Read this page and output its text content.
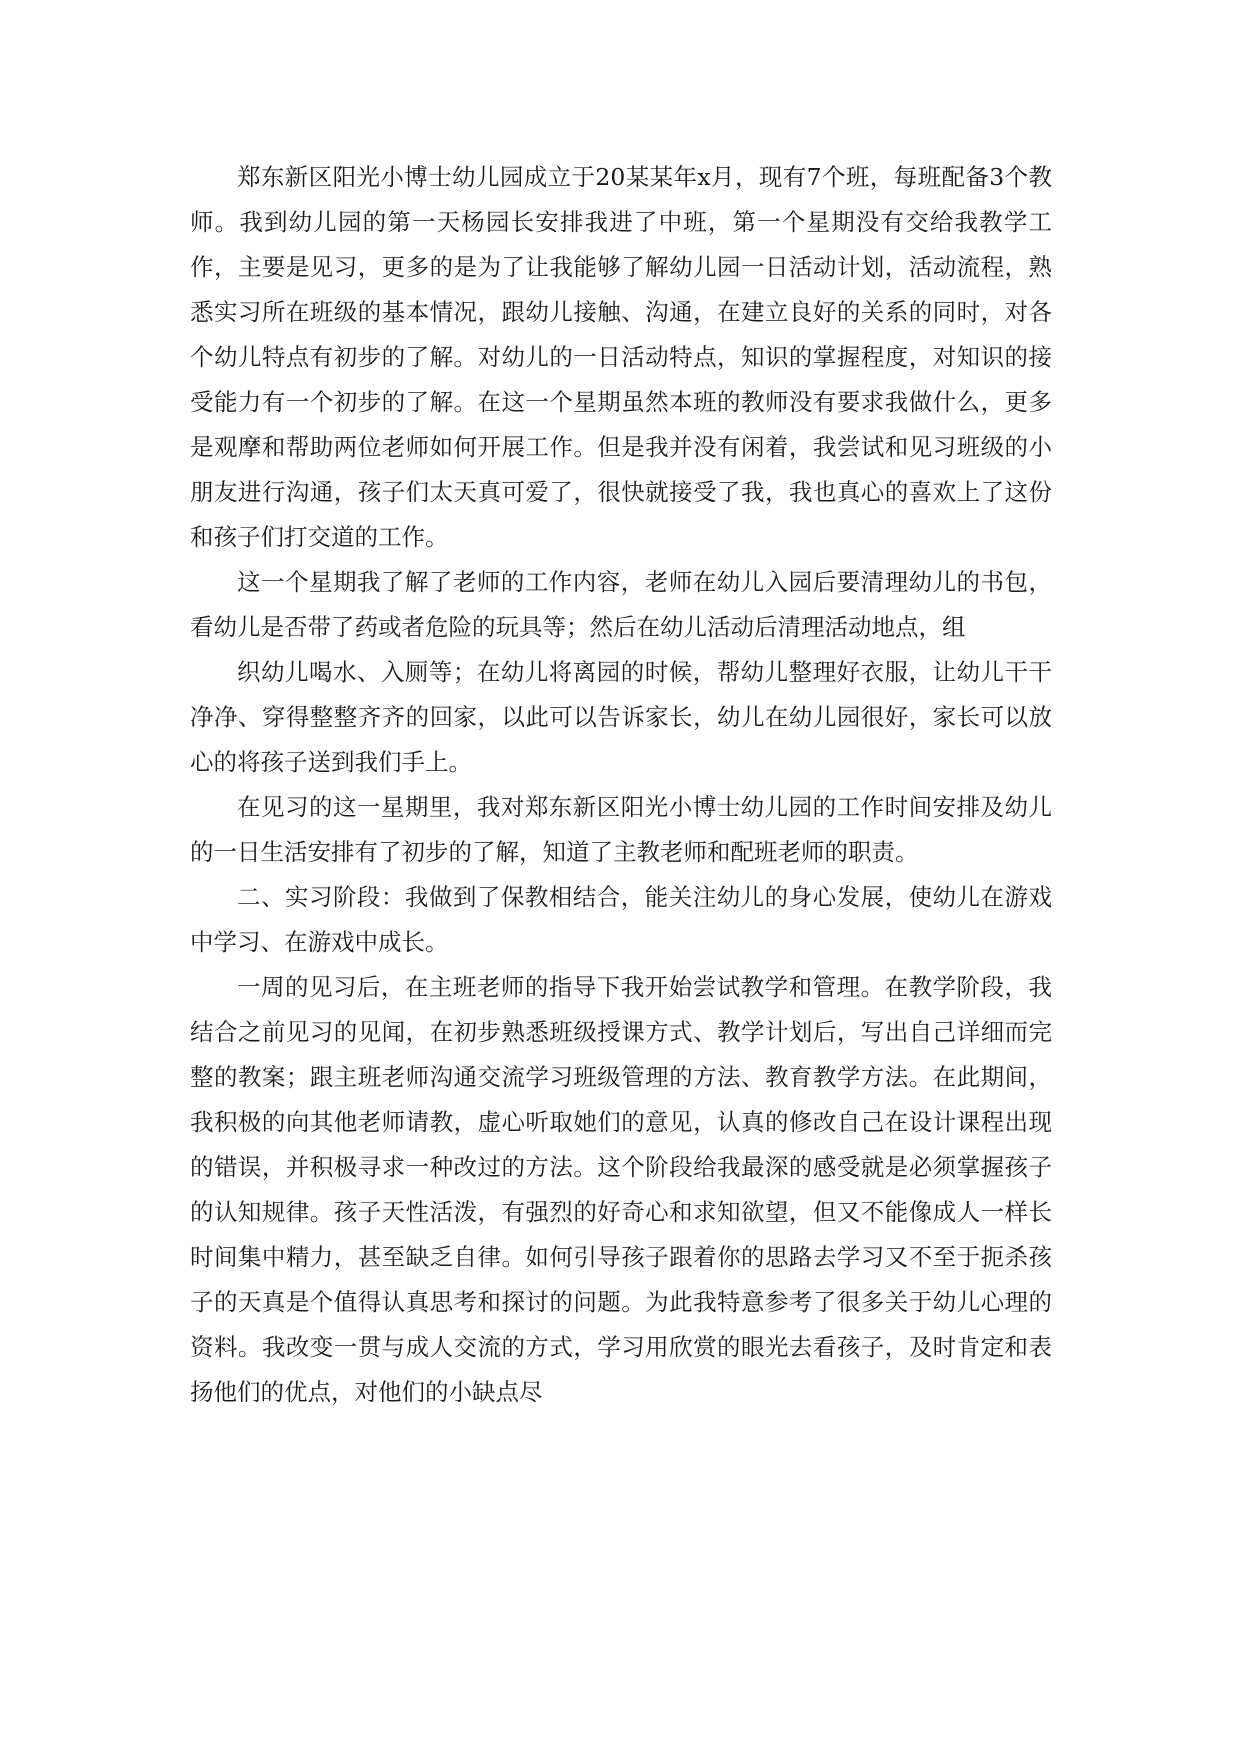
郑东新区阳光小博士幼儿园成立于20某某年x月，现有7个班，每班配备3个教师。我到幼儿园的第一天杨园长安排我进了中班，第一个星期没有交给我教学工作，主要是见习，更多的是为了让我能够了解幼儿园一日活动计划，活动流程，熟悉实习所在班级的基本情况，跟幼儿接触、沟通，在建立良好的关系的同时，对各个幼儿特点有初步的了解。对幼儿的一日活动特点，知识的掌握程度，对知识的接受能力有一个初步的了解。在这一个星期虽然本班的教师没有要求我做什么，更多是观摩和帮助两位老师如何开展工作。但是我并没有闲着，我尝试和见习班级的小朋友进行沟通，孩子们太天真可爱了，很快就接受了我，我也真心的喜欢上了这份和孩子们打交道的工作。

这一个星期我了解了老师的工作内容，老师在幼儿入园后要清理幼儿的书包，看幼儿是否带了药或者危险的玩具等；然后在幼儿活动后清理活动地点，组

织幼儿喝水、入厕等；在幼儿将离园的时候，帮幼儿整理好衣服，让幼儿干干净净、穿得整整齐齐的回家，以此可以告诉家长，幼儿在幼儿园很好，家长可以放心的将孩子送到我们手上。

在见习的这一星期里，我对郑东新区阳光小博士幼儿园的工作时间安排及幼儿的一日生活安排有了初步的了解，知道了主教老师和配班老师的职责。

二、实习阶段：我做到了保教相结合，能关注幼儿的身心发展，使幼儿在游戏中学习、在游戏中成长。

一周的见习后，在主班老师的指导下我开始尝试教学和管理。在教学阶段，我结合之前见习的见闻，在初步熟悉班级授课方式、教学计划后，写出自己详细而完整的教案；跟主班老师沟通交流学习班级管理的方法、教育教学方法。在此期间，我积极的向其他老师请教，虚心听取她们的意见，认真的修改自己在设计课程出现的错误，并积极寻求一种改过的方法。这个阶段给我最深的感受就是必须掌握孩子的认知规律。孩子天性活泼，有强烈的好奇心和求知欲望，但又不能像成人一样长时间集中精力，甚至缺乏自律。如何引导孩子跟着你的思路去学习又不至于扼杀孩子的天真是个值得认真思考和探讨的问题。为此我特意参考了很多关于幼儿心理的资料。我改变一贯与成人交流的方式，学习用欣赏的眼光去看孩子，及时肯定和表扬他们的优点，对他们的小缺点尽
